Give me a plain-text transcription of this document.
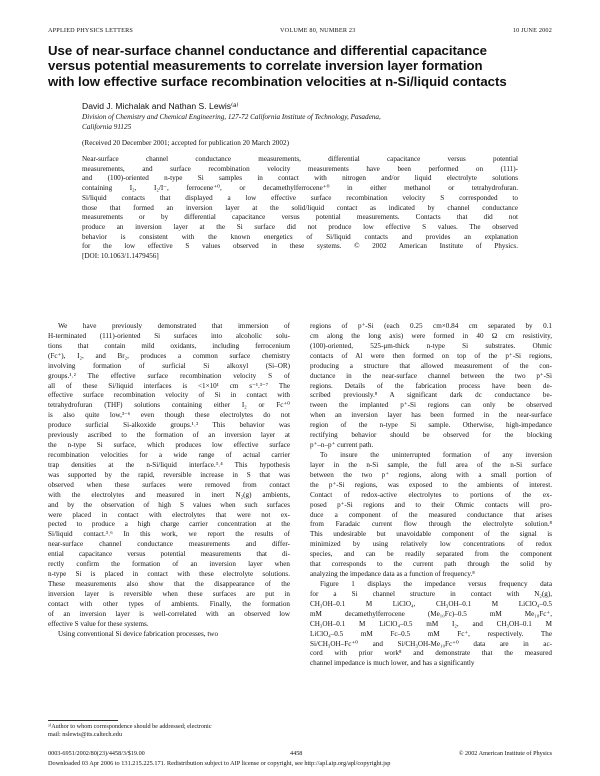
APPLIED PHYSICS LETTERS	VOLUME 80, NUMBER 23	10 JUNE 2002
Use of near-surface channel conductance and differential capacitance
versus potential measurements to correlate inversion layer formation
with low effective surface recombination velocities at n-Si/liquid contacts
David J. Michalak and Nathan S. Lewis⁽ᵃ⁾
Division of Chemistry and Chemical Engineering, 127-72 California Institute of Technology, Pasadena,
California 91125
(Received 20 December 2001; accepted for publication 20 March 2002)
Near-surface channel conductance measurements, differential capacitance versus potential
measurements, and surface recombination velocity measurements have been performed on (111)-
and (100)-oriented n-type Si samples in contact with nitrogen and/or liquid electrolyte solutions
containing I₂, I₂/I⁻, ferrocene⁺⁰, or decamethylferrocene⁺⁰ in either methanol or tetrahydrofuran.
Si/liquid contacts that displayed a low effective surface recombination velocity S corresponded to
those that formed an inversion layer at the solid/liquid contact as indicated by channel conductance
measurements or by differential capacitance versus potential measurements. Contacts that did not
produce an inversion layer at the Si surface did not produce low effective S values. The observed
behavior is consistent with the known energetics of Si/liquid contacts and provides an explanation
for the low effective S values observed in these systems. © 2002 American Institute of Physics.
[DOI: 10.1063/1.1479456]
We have previously demonstrated that immersion of
H-terminated (111)-oriented Si surfaces into alcoholic solu-
tions that contain mild oxidants, including ferrocenium
(Fc⁺), I₂, and Br₂, produces a common surface chemistry
involving formation of surficial Si alkoxyl (Si–OR)
groups.¹˒² The effective surface recombination velocity S of
all of these Si/liquid interfaces is <1×10¹ cm s⁻¹.³⁻⁷ The
effective surface recombination velocity of Si in contact with
tetrahydrofuran (THF) solutions containing either I₂ or Fc⁺⁰
is also quite low,³⁻⁶ even though these electrolytes do not
produce surficial Si-alkoxide groups.¹˒² This behavior was
previously ascribed to the formation of an inversion layer at
the n-type Si surface, which produces low effective surface
recombination velocities for a wide range of actual carrier
trap densities at the n-Si/liquid interface.³˒⁴ This hypothesis
was supported by the rapid, reversible increase in S that was
observed when these surfaces were removed from contact
with the electrolytes and measured in inert N₂(g) ambients,
and by the observation of high S values when such surfaces
were placed in contact with electrolytes that were not ex-
pected to produce a high charge carrier concentration at the
Si/liquid contact.³˒⁶ In this work, we report the results of
near-surface channel conductance measurements and differ-
ential capacitance versus potential measurements that di-
rectly confirm the formation of an inversion layer when
n-type Si is placed in contact with these electrolyte solutions.
These measurements also show that the disappearance of the
inversion layer is reversible when these surfaces are put in
contact with other types of ambients. Finally, the formation
of an inversion layer is well-correlated with an observed low
effective S value for these systems.
Using conventional Si device fabrication processes, two
regions of p⁺-Si (each 0.25 cm×0.84 cm separated by 0.1
cm along the long axis) were formed in 40 Ω cm resistivity,
(100)-oriented, 525-μm-thick n-type Si substrates. Ohmic
contacts of Al were then formed on top of the p⁺-Si regions,
producing a structure that allowed measurement of the con-
ductance in the near-surface channel between the two p⁺-Si
regions. Details of the fabrication process have been de-
scribed previously.⁸ A significant dark dc conductance be-
tween the implanted p⁺-Si regions can only be observed
when an inversion layer has been formed in the near-surface
region of the n-type Si sample. Otherwise, high-impedance
rectifying behavior should be observed for the blocking
p⁺–n–p⁺ current path.
To insure the uninterrupted formation of any inversion
layer in the n-Si sample, the full area of the n-Si surface
between the two p⁺ regions, along with a small portion of
the p⁺-Si regions, was exposed to the ambients of interest.
Contact of redox-active electrolytes to portions of the ex-
posed p⁺-Si regions and to their Ohmic contacts will pro-
duce a component of the measured conductance that arises
from Faradaic current flow through the electrolyte solution.⁸
This undesirable but unavoidable component of the signal is
minimized by using relatively low concentrations of redox
species, and can be readily separated from the component
that corresponds to the current path through the solid by
analyzing the impedance data as a function of frequency.⁸
Figure 1 displays the impedance versus frequency data
for a Si channel structure in contact with N₂(g),
CH₃OH–0.1 M LiClO₄, CH₃OH–0.1 M LiClO₄–0.5
mM decamethylferrocene (Me₁₀Fc)–0.5 mM Me₁₀Fc⁺,
CH₃OH–0.1 M LiClO₄–0.5 mM I₂, and CH₃OH–0.1 M
LiClO₄–0.5 mM Fc–0.5 mM Fc⁺, respectively. The
Si/CH₃OH–Fc⁺⁰ and Si/CH₃OH-Me₁₀Fc⁺⁰ data are in ac-
cord with prior work⁸ and demonstrate that the measured
channel impedance is much lower, and has a significantly
ᵃ⁾Author to whom correspondence should be addressed; electronic
mail: nslewis@its.caltech.edu
0003-6951/2002/80(23)/4458/3/$19.00	4458	© 2002 American Institute of Physics
Downloaded 03 Apr 2006 to 131.215.225.171. Redistribution subject to AIP license or copyright, see http://apl.aip.org/apl/copyright.jsp
